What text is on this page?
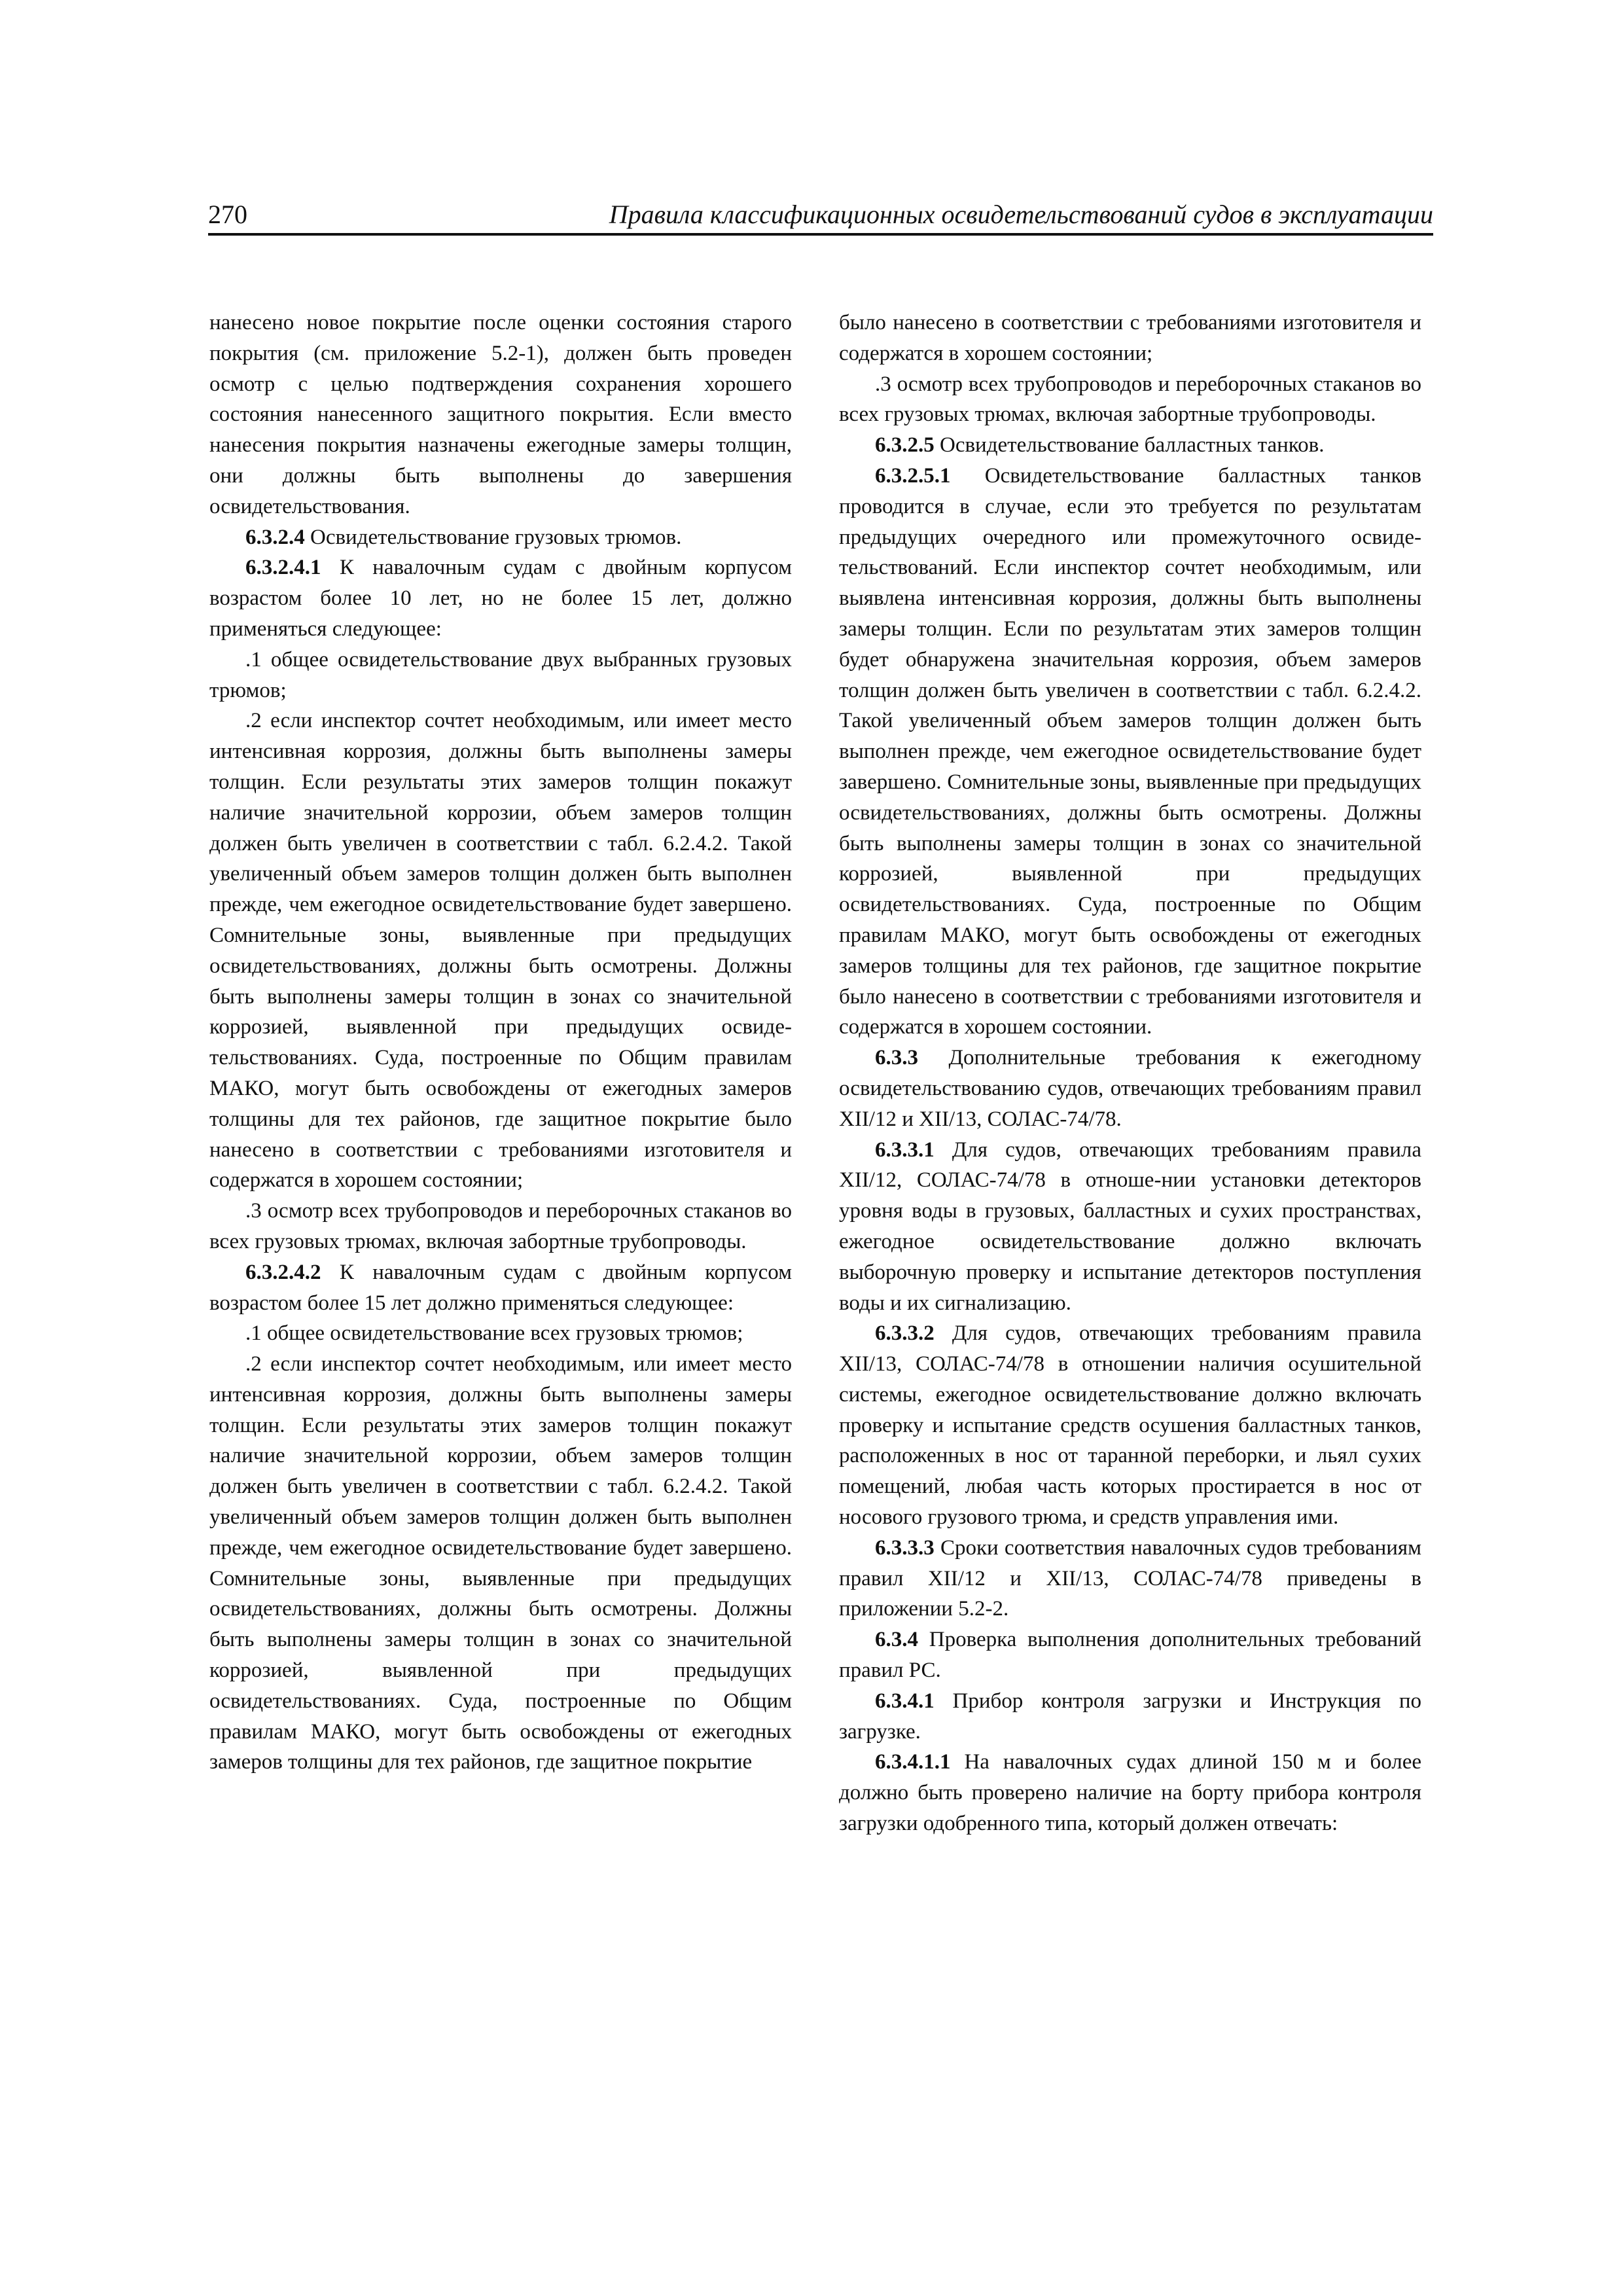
270	Правила классификационных освидетельствований судов в эксплуатации

нанесено новое покрытие после оценки состояния старого покрытия (см. приложение 5.2-1), должен быть проведен осмотр с целью подтверждения сохранения хорошего состояния нанесенного защитного покрытия. Если вместо нанесения покрытия назначены ежегодные замеры толщин, они должны быть выполнены до завершения освидетельствования.

6.3.2.4 Освидетельствование грузовых трюмов.

6.3.2.4.1 К навалочным судам с двойным корпусом возрастом более 10 лет, но не более 15 лет, должно применяться следующее:

.1 общее освидетельствование двух выбранных грузовых трюмов;

.2 если инспектор сочтет необходимым, или имеет место интенсивная коррозия, должны быть выполнены замеры толщин. Если результаты этих замеров толщин покажут наличие значительной коррозии, объем замеров толщин должен быть увеличен в соответствии с табл. 6.2.4.2. Такой увеличенный объем замеров толщин должен быть выполнен прежде, чем ежегодное освидетельствование будет завершено. Сомнительные зоны, выявленные при предыдущих освидетельствованиях, должны быть осмотрены. Должны быть выполнены замеры толщин в зонах со значительной коррозией, выявленной при предыдущих освидетельствованиях. Суда, построенные по Общим правилам МАКО, могут быть освобождены от ежегодных замеров толщины для тех районов, где защитное покрытие было нанесено в соответствии с требованиями изготовителя и содержатся в хорошем состоянии;

.3 осмотр всех трубопроводов и переборочных стаканов во всех грузовых трюмах, включая забортные трубопроводы.

6.3.2.4.2 К навалочным судам с двойным корпусом возрастом более 15 лет должно применяться следующее:

.1 общее освидетельствование всех грузовых трюмов;

.2 если инспектор сочтет необходимым, или имеет место интенсивная коррозия, должны быть выполнены замеры толщин. Если результаты этих замеров толщин покажут наличие значительной коррозии, объем замеров толщин должен быть увеличен в соответствии с табл. 6.2.4.2. Такой увеличенный объем замеров толщин должен быть выполнен прежде, чем ежегодное освидетельствование будет завершено. Сомнительные зоны, выявленные при предыдущих освидетельствованиях, должны быть осмотрены. Должны быть выполнены замеры толщин в зонах со значительной коррозией, выявленной при предыдущих освидетельствованиях. Суда, построенные по Общим правилам МАКО, могут быть освобождены от ежегодных замеров толщины для тех районов, где защитное покрытие

было нанесено в соответствии с требованиями изготовителя и содержатся в хорошем состоянии;

.3 осмотр всех трубопроводов и переборочных стаканов во всех грузовых трюмах, включая забортные трубопроводы.

6.3.2.5 Освидетельствование балластных танков.

6.3.2.5.1 Освидетельствование балластных танков проводится в случае, если это требуется по результатам предыдущих очередного или промежуточного освидетельствований. Если инспектор сочтет необходимым, или выявлена интенсивная коррозия, должны быть выполнены замеры толщин. Если по результатам этих замеров толщин будет обнаружена значительная коррозия, объем замеров толщин должен быть увеличен в соответствии с табл. 6.2.4.2. Такой увеличенный объем замеров толщин должен быть выполнен прежде, чем ежегодное освидетельствование будет завершено. Сомнительные зоны, выявленные при предыдущих освидетельствованиях, должны быть осмотрены. Должны быть выполнены замеры толщин в зонах со значительной коррозией, выявленной при предыдущих освидетельствованиях. Суда, построенные по Общим правилам МАКО, могут быть освобождены от ежегодных замеров толщины для тех районов, где защитное покрытие было нанесено в соответствии с требованиями изготовителя и содержатся в хорошем состоянии.

6.3.3 Дополнительные требования к ежегодному освидетельствованию судов, отвечающих требованиям правил XII/12 и XII/13, СОЛАС-74/78.

6.3.3.1 Для судов, отвечающих требованиям правила XII/12, СОЛАС-74/78 в отноше-нии установки детекторов уровня воды в грузовых, балластных и сухих пространствах, ежегодное освидетельствование должно включать выборочную проверку и испытание детекторов поступления воды и их сигнализацию.

6.3.3.2 Для судов, отвечающих требованиям правила XII/13, СОЛАС-74/78 в отношении наличия осушительной системы, ежегодное освидетельствование должно включать проверку и испытание средств осушения балластных танков, расположенных в нос от таранной переборки, и льял сухих помещений, любая часть которых простирается в нос от носового грузового трюма, и средств управления ими.

6.3.3.3 Сроки соответствия навалочных судов требованиям правил XII/12 и XII/13, СОЛАС-74/78 приведены в приложении 5.2-2.

6.3.4 Проверка выполнения дополнительных требований правил РС.

6.3.4.1 Прибор контроля загрузки и Инструкция по загрузке.

6.3.4.1.1 На навалочных судах длиной 150 м и более должно быть проверено наличие на борту прибора контроля загрузки одобренного типа, который должен отвечать:
